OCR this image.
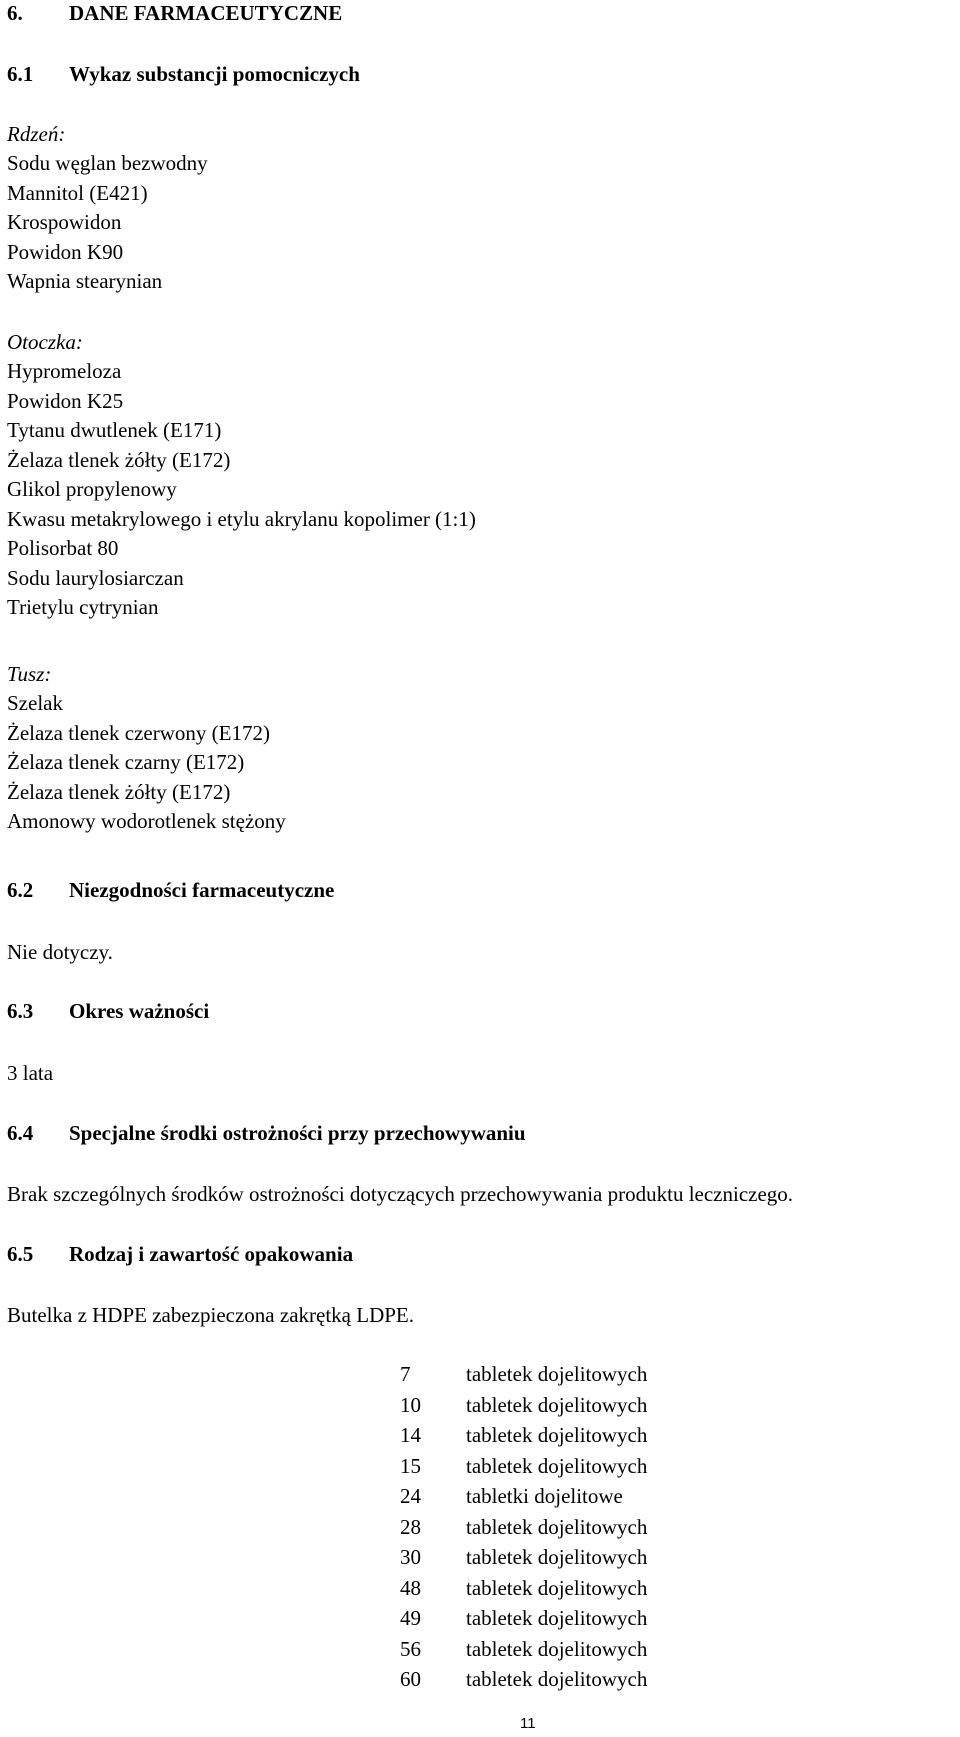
6. DANE FARMACEUTYCZNE
6.1 Wykaz substancji pomocniczych
Rdzeń:
Sodu węglan bezwodny
Mannitol (E421)
Krospowidon
Powidon K90
Wapnia stearynian
Otoczka:
Hypromeloza
Powidon K25
Tytanu dwutlenek (E171)
Żelaza tlenek żółty (E172)
Glikol propylenowy
Kwasu metakrylowego i etylu akrylanu kopolimer (1:1)
Polisorbat 80
Sodu laurylosiarczan
Trietylu cytrynian
Tusz:
Szelak
Żelaza tlenek czerwony (E172)
Żelaza tlenek czarny (E172)
Żelaza tlenek żółty (E172)
Amonowy wodorotlenek stężony
6.2 Niezgodności farmaceutyczne
Nie dotyczy.
6.3 Okres ważności
3 lata
6.4 Specjalne środki ostrożności przy przechowywaniu
Brak szczególnych środków ostrożności dotyczących przechowywania produktu leczniczego.
6.5 Rodzaj i zawartość opakowania
Butelka z HDPE zabezpieczona zakrętką LDPE.
7	tabletek dojelitowych
10 tabletek dojelitowych
14 tabletek dojelitowych
15 tabletek dojelitowych
24 tabletki dojelitowe
28 tabletek dojelitowych
30 tabletek dojelitowych
48 tabletek dojelitowych
49 tabletek dojelitowych
56 tabletek dojelitowych
60 tabletek dojelitowych
11
